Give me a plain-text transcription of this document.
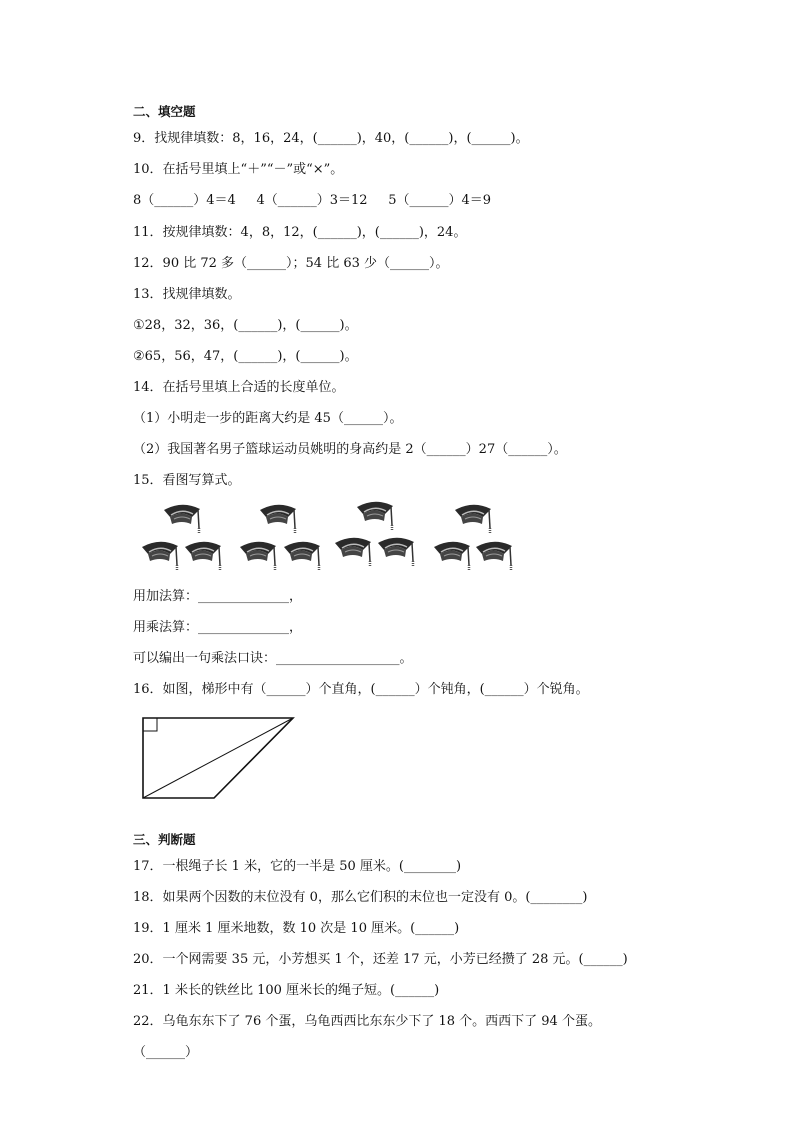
二、填空题
9．找规律填数：8，16，24，(______)，40，(______)，(______)。
10．在括号里填上“＋”“－”或“×”。
8（______）4＝4     4（______）3＝12     5（______）4＝9
11．按规律填数：4，8，12，(______)，(______)，24。
12．90 比 72 多（______）；54 比 63 少（______）。
13．找规律填数。
①28，32，36，(______)，(______)。
②65，56，47，(______)，(______)。
14．在括号里填上合适的长度单位。
（1）小明走一步的距离大约是 45（______）。
（2）我国著名男子篮球运动员姚明的身高约是 2（______）27（______）。
15．看图写算式。
用加法算：______________，
用乘法算：______________，
可以编出一句乘法口诀：___________________。
16．如图，梯形中有（______）个直角，(______）个钝角，(______）个锐角。
三、判断题
17．一根绳子长 1 米，它的一半是 50 厘米。(________)
18．如果两个因数的末位没有 0，那么它们积的末位也一定没有 0。(________)
19．1 厘米 1 厘米地数，数 10 次是 10 厘米。(______)
20．一个网需要 35 元，小芳想买 1 个，还差 17 元，小芳已经攒了 28 元。(______)
21．1 米长的铁丝比 100 厘米长的绳子短。(______)
22．乌龟东东下了 76 个蛋，乌龟西西比东东少下了 18 个。西西下了 94 个蛋。
（______）
